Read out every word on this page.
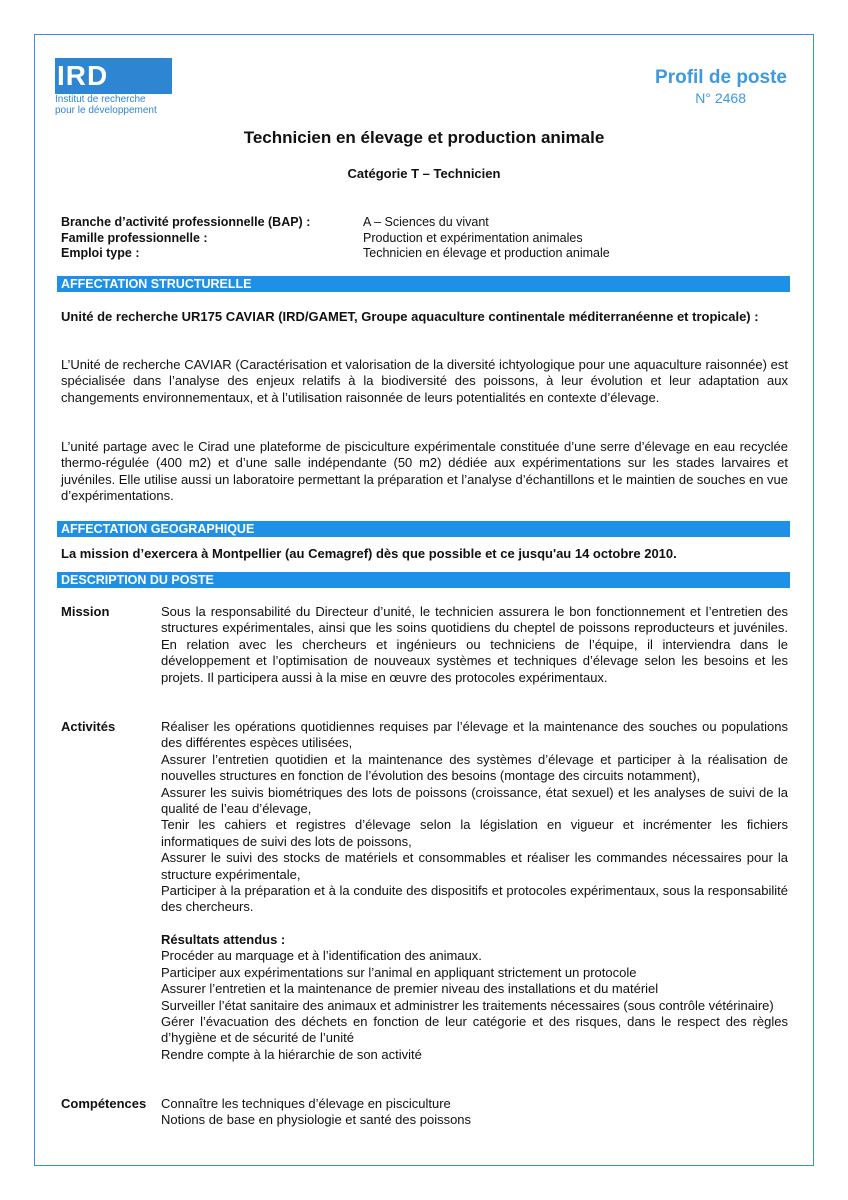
IRD
Institut de recherche
pour le développement
Profil de poste
N° 2468
Technicien en élevage et production animale
Catégorie T – Technicien
Branche d’activité professionnelle (BAP) :	A – Sciences du vivant
Famille professionnelle :	Production et expérimentation animales
Emploi type :	Technicien en élevage et production animale
AFFECTATION STRUCTURELLE
Unité de recherche UR175 CAVIAR (IRD/GAMET, Groupe aquaculture continentale méditerranéenne et tropicale) :
L’Unité de recherche CAVIAR (Caractérisation et valorisation de la diversité ichtyologique pour une aquaculture raisonnée) est spécialisée dans l’analyse des enjeux relatifs à la biodiversité des poissons, à leur évolution et leur adaptation aux changements environnementaux, et à l’utilisation raisonnée de leurs potentialités en contexte d’élevage.
L’unité partage avec le Cirad une plateforme de pisciculture expérimentale constituée d’une serre d’élevage en eau recyclée thermo-régulée (400 m2) et d’une salle indépendante (50 m2) dédiée aux expérimentations sur les stades larvaires et juvéniles. Elle utilise aussi un laboratoire permettant la préparation et l’analyse d’échantillons et le maintien de souches en vue d’expérimentations.
AFFECTATION GEOGRAPHIQUE
La mission d’exercera à Montpellier (au Cemagref) dès que possible et ce jusqu'au 14 octobre 2010.
DESCRIPTION DU POSTE
Mission	Sous la responsabilité du Directeur d’unité, le technicien assurera le bon fonctionnement et l’entretien des structures expérimentales, ainsi que les soins quotidiens du cheptel de poissons reproducteurs et juvéniles. En relation avec les chercheurs et ingénieurs ou techniciens de l’équipe, il interviendra dans le développement et l’optimisation de nouveaux systèmes et techniques d’élevage selon les besoins et les projets. Il participera aussi à la mise en œuvre des protocoles expérimentaux.
Activités	Réaliser les opérations quotidiennes requises par l’élevage et la maintenance des souches ou populations des différentes espèces utilisées,

Assurer l’entretien quotidien et la maintenance des systèmes d’élevage et participer à la réalisation de nouvelles structures en fonction de l’évolution des besoins (montage des circuits notamment),

Assurer les suivis biométriques des lots de poissons (croissance, état sexuel) et les analyses de suivi de la qualité de l’eau d’élevage,

Tenir les cahiers et registres d’élevage selon la législation en vigueur et incrémenter les fichiers informatiques de suivi des lots de poissons,

Assurer le suivi des stocks de matériels et consommables et réaliser les commandes nécessaires pour la structure expérimentale,

Participer à la préparation et à la conduite des dispositifs et protocoles expérimentaux, sous la responsabilité des chercheurs.

Résultats attendus :

Procéder au marquage et à l’identification des animaux.

Participer aux expérimentations sur l’animal en appliquant strictement un protocole

Assurer l’entretien et la maintenance de premier niveau des installations et du matériel

Surveiller l’état sanitaire des animaux et administrer les traitements nécessaires (sous contrôle vétérinaire)

Gérer l’évacuation des déchets en fonction de leur catégorie et des risques, dans le respect des règles d’hygiène et de sécurité de l’unité

Rendre compte à la hiérarchie de son activité

Compétences Connaître les techniques d’élevage en pisciculture

Notions de base en physiologie et santé des poissons
